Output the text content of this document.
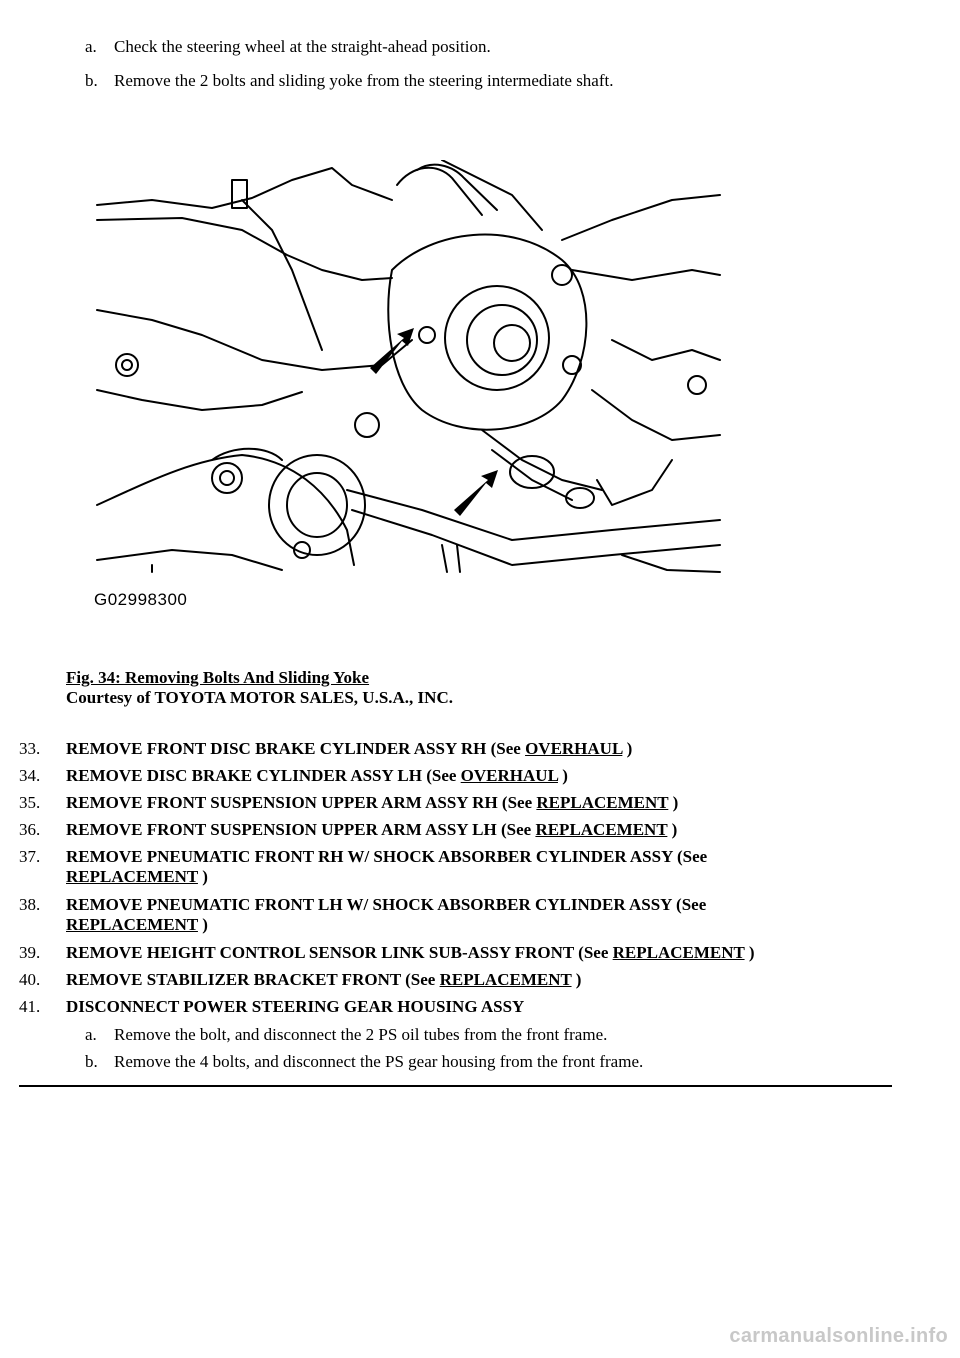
a. Check the steering wheel at the straight-ahead position.
b. Remove the 2 bolts and sliding yoke from the steering intermediate shaft.
G02998300
Fig. 34: Removing Bolts And Sliding Yoke
Courtesy of TOYOTA MOTOR SALES, U.S.A., INC.
33. REMOVE FRONT DISC BRAKE CYLINDER ASSY RH (See OVERHAUL )
34. REMOVE DISC BRAKE CYLINDER ASSY LH (See OVERHAUL )
35. REMOVE FRONT SUSPENSION UPPER ARM ASSY RH (See REPLACEMENT )
36. REMOVE FRONT SUSPENSION UPPER ARM ASSY LH (See REPLACEMENT )
37. REMOVE PNEUMATIC FRONT RH W/ SHOCK ABSORBER CYLINDER ASSY (See
REPLACEMENT )
38. REMOVE PNEUMATIC FRONT LH W/ SHOCK ABSORBER CYLINDER ASSY (See
REPLACEMENT )
39. REMOVE HEIGHT CONTROL SENSOR LINK SUB-ASSY FRONT (See REPLACEMENT )
40. REMOVE STABILIZER BRACKET FRONT (See REPLACEMENT )
41. DISCONNECT POWER STEERING GEAR HOUSING ASSY
a. Remove the bolt, and disconnect the 2 PS oil tubes from the front frame.
b. Remove the 4 bolts, and disconnect the PS gear housing from the front frame.
carmanualsonline.info
